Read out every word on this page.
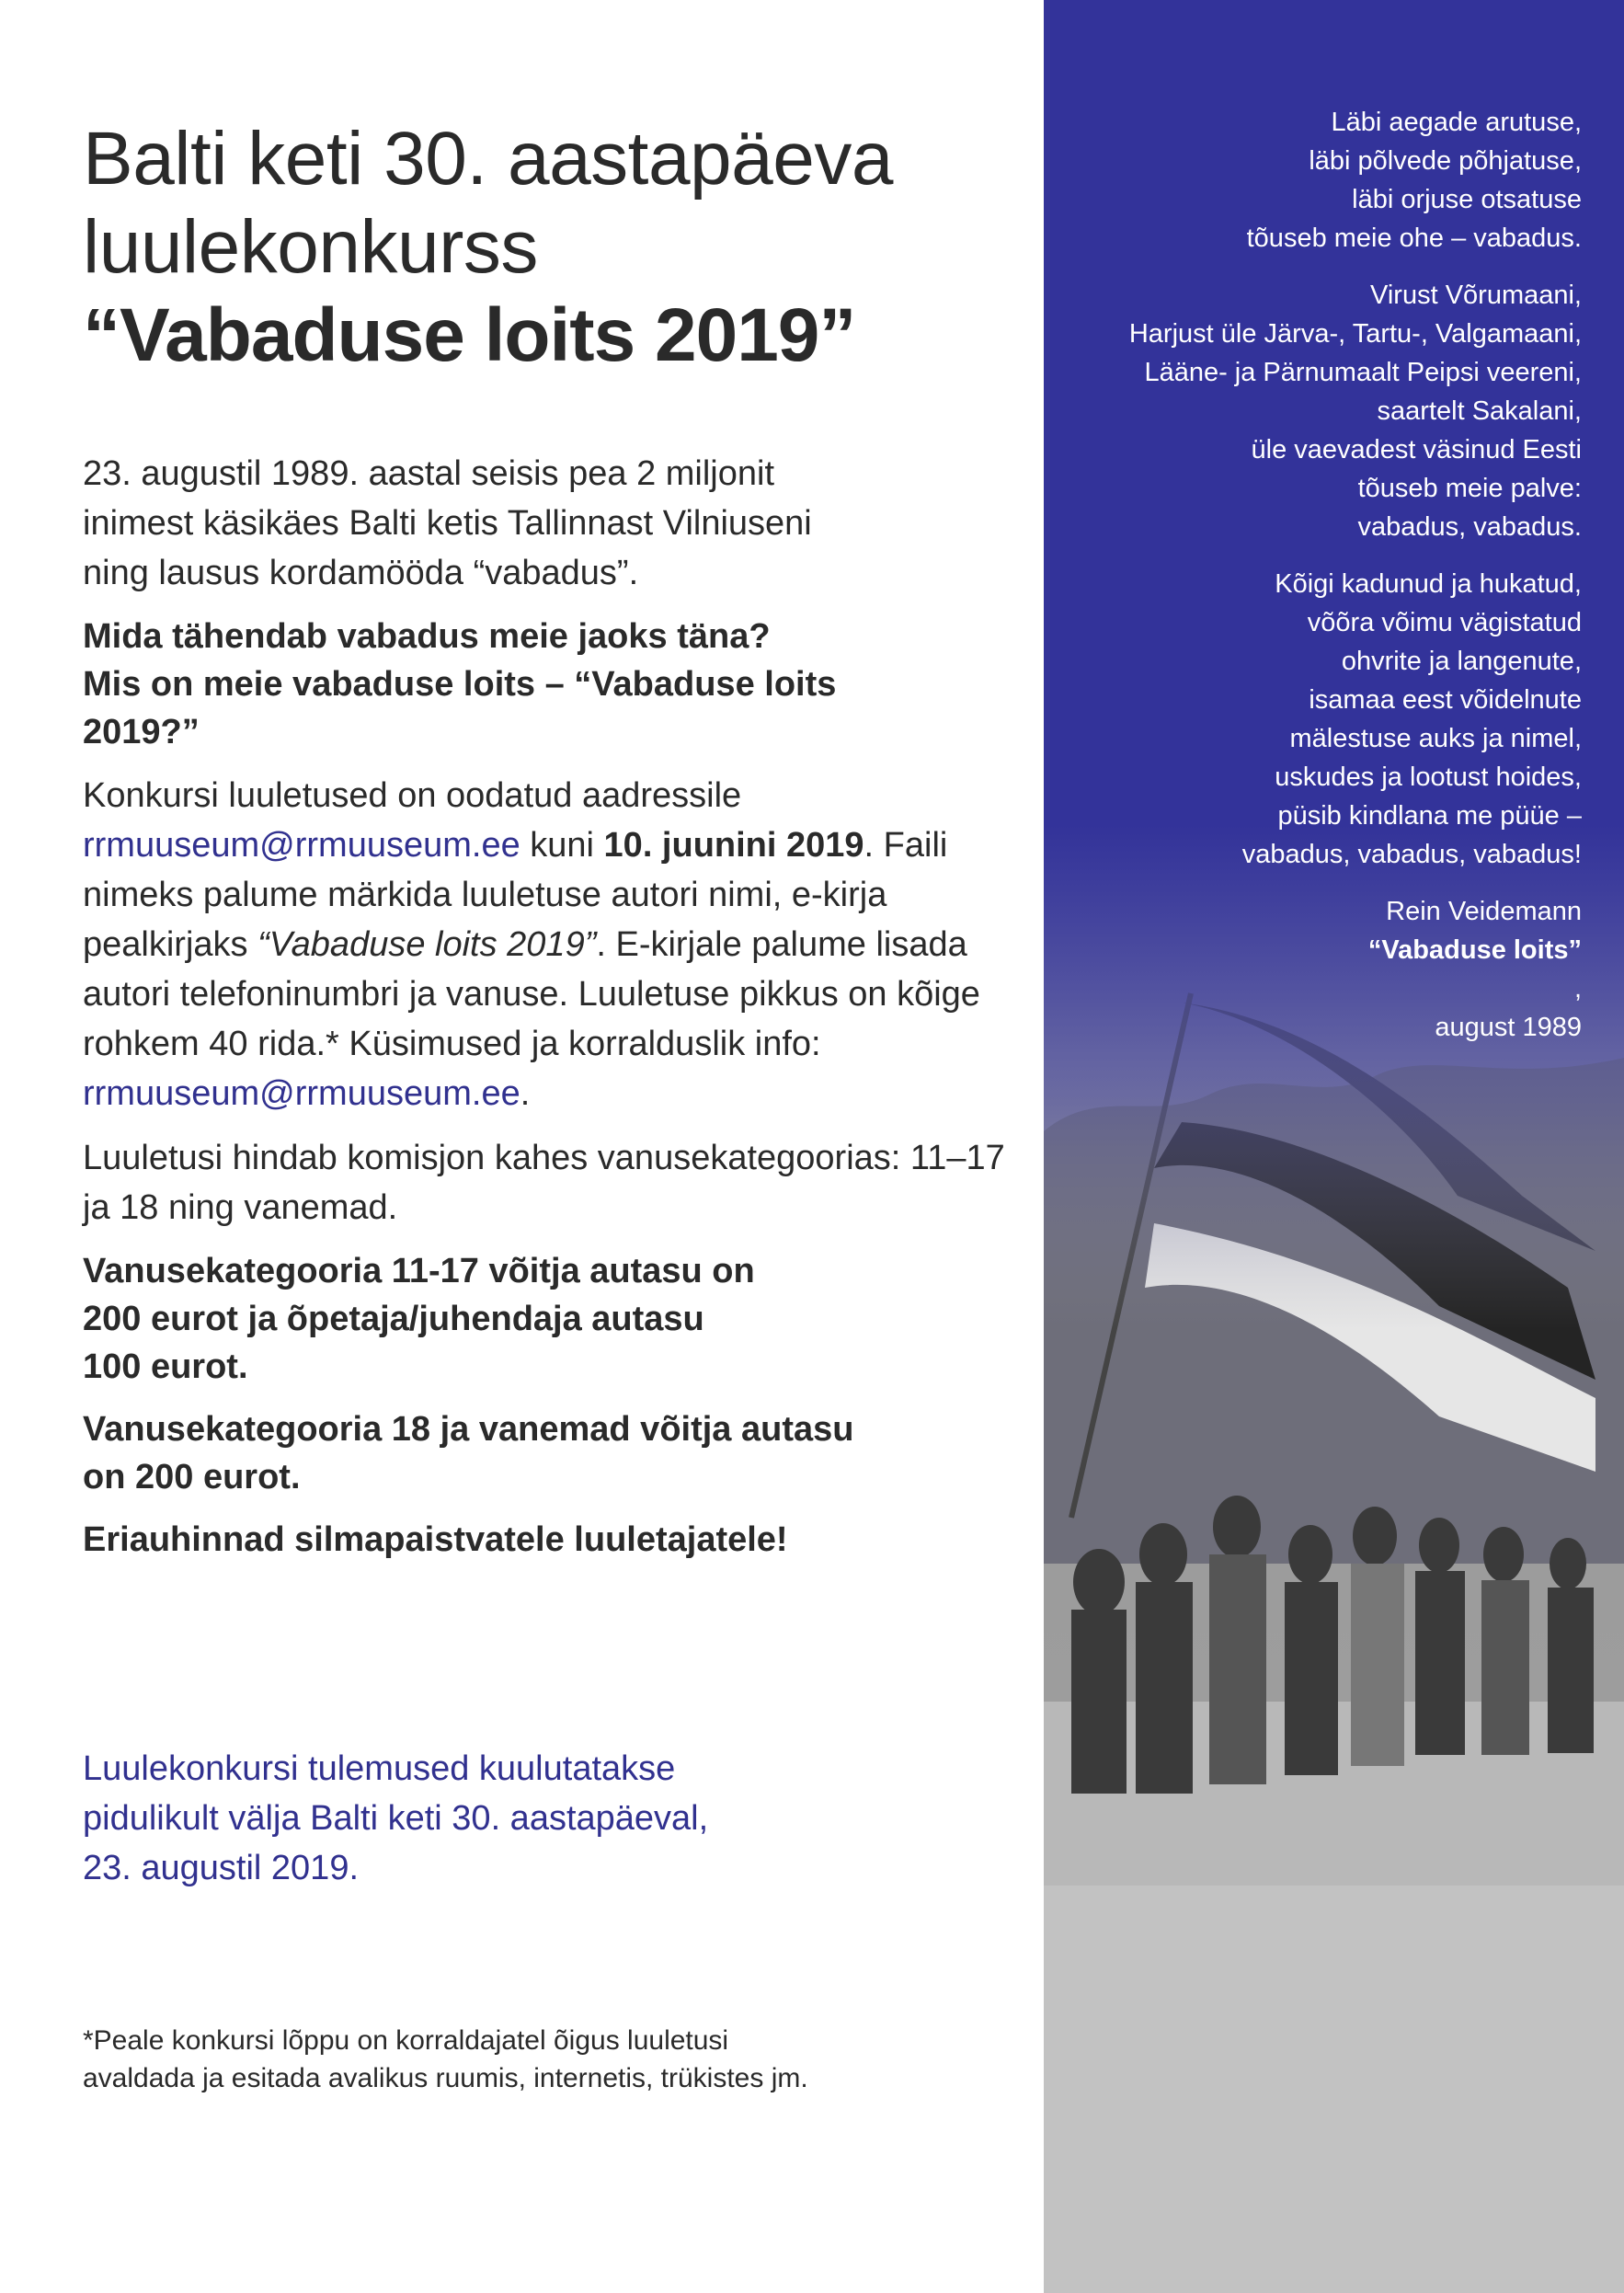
Balti keti 30. aastapäeva
luulekonkurss
“Vabaduse loits 2019”

23. augustil 1989. aastal seisis pea 2 miljonit
inimest käsikäes Balti ketis Tallinnast Vilniuseni
ning lausus kordamööda “vabadus”.

Mida tähendab vabadus meie jaoks täna?
Mis on meie vabaduse loits – “Vabaduse loits
2019?”

Konkursi luuletused on oodatud aadressile
rrmuuseum@rrmuuseum.ee kuni 10. juunini 2019. Faili nimeks palume märkida luuletuse autori nimi, e-kirja pealkirjaks “Vabaduse loits 2019”. E-kirjale palume lisada autori telefoninumbri ja vanuse. Luuletuse pikkus on kõige rohkem 40 rida.* Küsimused ja korralduslik info: rrmuuseum@rrmuuseum.ee.

Luuletusi hindab komisjon kahes vanusekategoorias: 11–17 ja 18 ning vanemad.

Vanusekategooria 11-17 võitja autasu on
200 eurot ja õpetaja/juhendaja autasu
100 eurot.

Vanusekategooria 18 ja vanemad võitja autasu
on 200 eurot.

Eriauhinnad silmapaistvatele luuletajatele!

Luulekonkursi tulemused kuulutatakse
pidulikult välja Balti keti 30. aastapäeval,
23. augustil 2019.

*Peale konkursi lõppu on korraldajatel õigus luuletusi
avaldada ja esitada avalikus ruumis, internetis, trükistes jm.

Läbi aegade arutuse,
läbi põlvede põhjatuse,
läbi orjuse otsatuse
tõuseb meie ohe – vabadus.
Virust Võrumaani,
Harjust üle Järva-, Tartu-, Valgamaani,
Lääne- ja Pärnumaalt Peipsi veereni,
saartelt Sakalani,
üle vaevadest väsinud Eesti
tõuseb meie palve:
vabadus, vabadus.
Kõigi kadunud ja hukatud,
võõra võimu vägistatud
ohvrite ja langenute,
isamaa eest võidelnute
mälestuse auks ja nimel,
uskudes ja lootust hoides,
püsib kindlana me püüe –
vabadus, vabadus, vabadus!
Rein Veidemann
“Vabaduse loits”
,
august 1989
